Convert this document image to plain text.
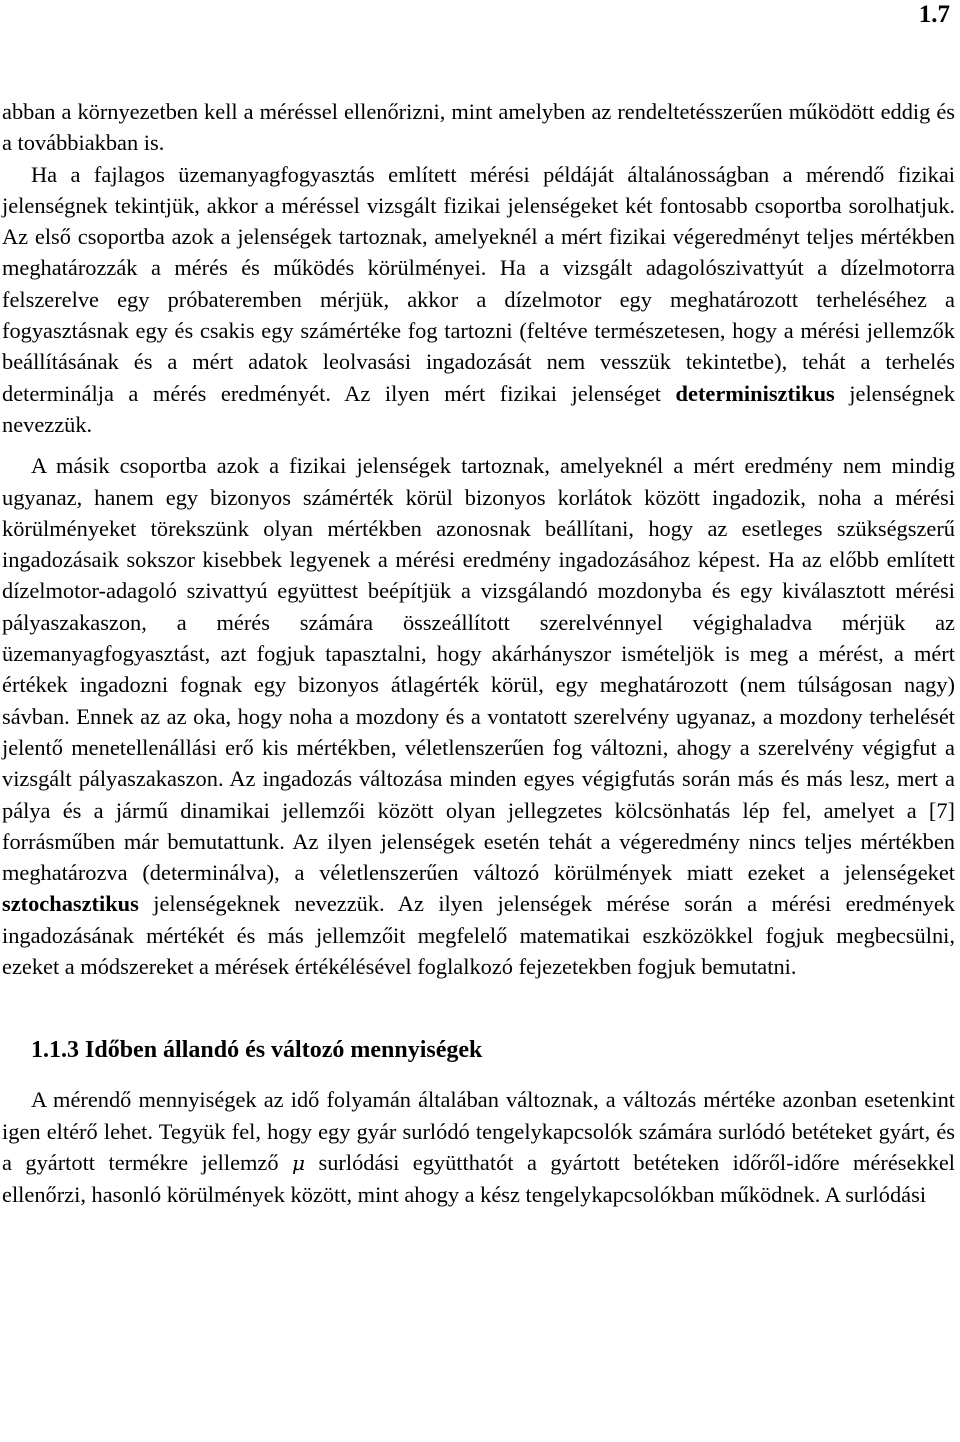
1.7

abban a környezetben kell a méréssel ellenőrizni, mint amelyben az rendeltetésszerűen működött eddig és a továbbiakban is.

Ha a fajlagos üzemanyagfogyasztás említett mérési példáját általánosságban a mérendő fizikai jelenségnek tekintjük, akkor a méréssel vizsgált fizikai jelenségeket két fontosabb csoportba sorolhatjuk. Az első csoportba azok a jelenségek tartoznak, amelyeknél a mért fizikai végeredményt teljes mértékben meghatározzák a mérés és működés körülményei. Ha a vizsgált adagolószivattyút a dízelmotorra felszerelve egy próbateremben mérjük, akkor a dízelmotor egy meghatározott terheléséhez a fogyasztásnak egy és csakis egy számértéke fog tartozni (feltéve természetesen, hogy a mérési jellemzők beállításának és a mért adatok leolvasási ingadozását nem vesszük tekintetbe), tehát a terhelés determinálja a mérés eredményét. Az ilyen mért fizikai jelenséget determinisztikus jelenségnek nevezzük.

A másik csoportba azok a fizikai jelenségek tartoznak, amelyeknél a mért eredmény nem mindig ugyanaz, hanem egy bizonyos számérték körül bizonyos korlátok között ingadozik, noha a mérési körülményeket törekszünk olyan mértékben azonosnak beállítani, hogy az esetleges szükségszerű ingadozásaik sokszor kisebbek legyenek a mérési eredmény ingadozásához képest. Ha az előbb említett dízelmotor-adagoló szivattyú együttest beépítjük a vizsgálandó mozdonyba és egy kiválasztott mérési pályaszakaszon, a mérés számára összeállított szerelvénnyel végighaladva mérjük az üzemanyagfogyasztást, azt fogjuk tapasztalni, hogy akárhányszor ismételjök is meg a mérést, a mért értékek ingadozni fognak egy bizonyos átlagérték körül, egy meghatározott (nem túlságosan nagy) sávban. Ennek az az oka, hogy noha a mozdony és a vontatott szerelvény ugyanaz, a mozdony terhelését jelentő menetellenállási erő kis mértékben, véletlenszerűen fog változni, ahogy a szerelvény végigfut a vizsgált pályaszakaszon. Az ingadozás változása minden egyes végigfutás során más és más lesz, mert a pálya és a jármű dinamikai jellemzői között olyan jellegzetes kölcsönhatás lép fel, amelyet a [7] forrásműben már bemutattunk. Az ilyen jelenségek esetén tehát a végeredmény nincs teljes mértékben meghatározva (determinálva), a véletlenszerűen változó körülmények miatt ezeket a jelenségeket sztochasztikus jelenségeknek nevezzük. Az ilyen jelenségek mérése során a mérési eredmények ingadozásának mértékét és más jellemzőit megfelelő matematikai eszközökkel fogjuk megbecsülni, ezeket a módszereket a mérések értékélésével foglalkozó fejezetekben fogjuk bemutatni.

1.1.3 Időben állandó és változó mennyiségek

A mérendő mennyiségek az idő folyamán általában változnak, a változás mértéke azonban esetenkint igen eltérő lehet. Tegyük fel, hogy egy gyár surlódó tengelykapcsolók számára surlódó betéteket gyárt, és a gyártott termékre jellemző μ surlódási együtthatót a gyártott betéteken időről-időre mérésekkel ellenőrzi, hasonló körülmények között, mint ahogy a kész tengelykapcsolókban működnek. A surlódási
